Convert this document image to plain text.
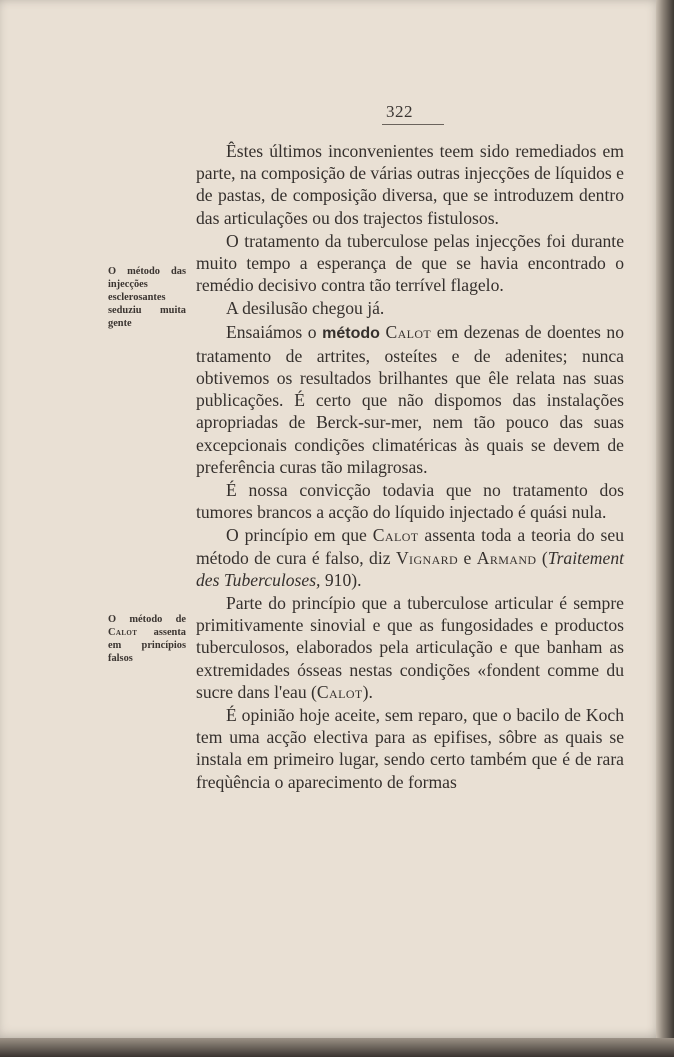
322
O método das injecções esclerosantes seduziu muita gente
O método de Calot assenta em princípios falsos

Êstes últimos inconvenientes teem sido remediados em parte, na composição de várias outras injecções de líquidos e de pastas, de composição diversa, que se introduzem dentro das articulações ou dos trajectos fistulosos.

O tratamento da tuberculose pelas injecções foi durante muito tempo a esperança de que se havia encontrado o remédio decisivo contra tão terrível flagelo.

A desilusão chegou já.

Ensaiámos o método Calot em dezenas de doentes no tratamento de artrites, osteítes e de adenites; nunca obtivemos os resultados brilhantes que êle relata nas suas publicações. É certo que não dispomos das instalações apropriadas de Berck-sur-mer, nem tão pouco das suas excepcionais condições climatéricas às quais se devem de preferência curas tão milagrosas.

É nossa convicção todavia que no tratamento dos tumores brancos a acção do líquido injectado é quási nula.

O princípio em que Calot assenta toda a teoria do seu método de cura é falso, diz Vignard e Armand (Traitement des Tuberculoses, 910).

Parte do princípio que a tuberculose articular é sempre primitivamente sinovial e que as fungosidades e productos tuberculosos, elaborados pela articulação e que banham as extremidades ósseas nestas condições «fondent comme du sucre dans l'eau (Calot).

É opinião hoje aceite, sem reparo, que o bacilo de Koch tem uma acção electiva para as epifises, sôbre as quais se instala em primeiro lugar, sendo certo também que é de rara freqùência o aparecimento de formas
